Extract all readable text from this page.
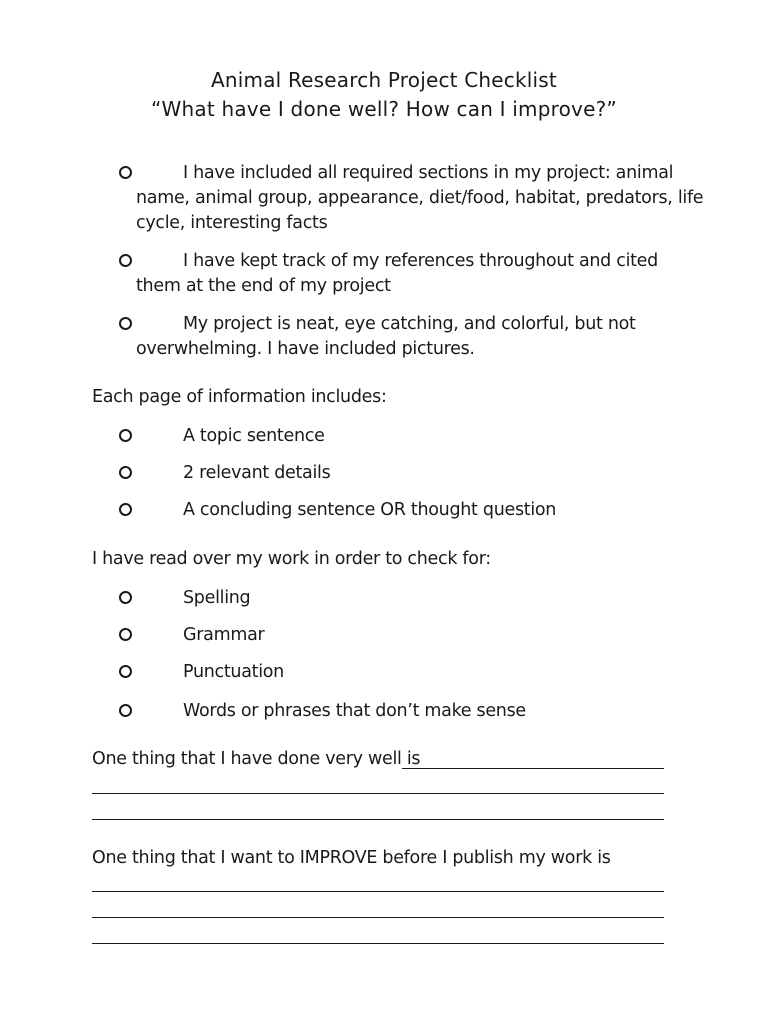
Animal Research Project Checklist
“What have I done well? How can I improve?”
I have included all required sections in my project: animal
name, animal group, appearance, diet/food, habitat, predators, life
cycle, interesting facts
I have kept track of my references throughout and cited
them at the end of my project
My project is neat, eye catching, and colorful, but not
overwhelming. I have included pictures.
Each page of information includes:
A topic sentence
2 relevant details
A concluding sentence OR thought question
I have read over my work in order to check for:
Spelling
Grammar
Punctuation
Words or phrases that don’t make sense
One thing that I have done very well is
One thing that I want to IMPROVE before I publish my work is
